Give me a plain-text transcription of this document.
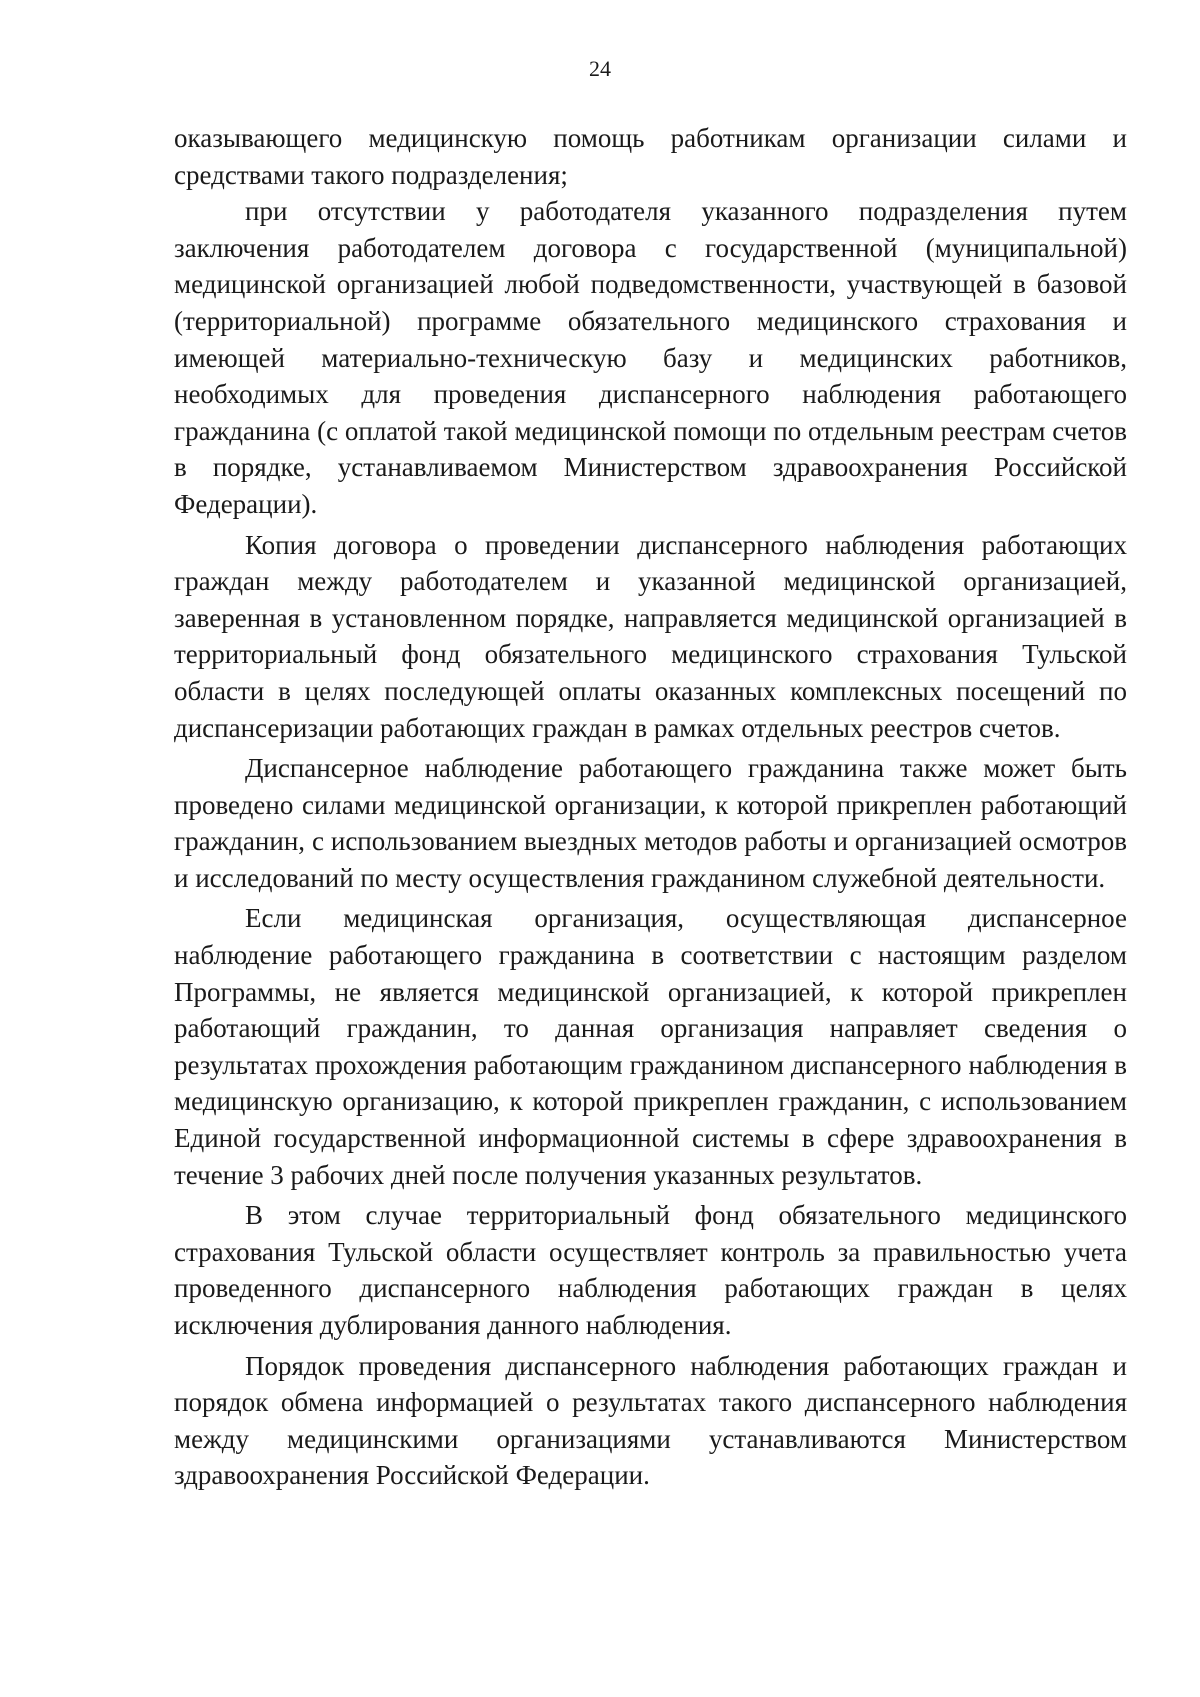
24

оказывающего медицинскую помощь работникам организации силами и средствами такого подразделения;

при отсутствии у работодателя указанного подразделения путем заключения работодателем договора с государственной (муниципальной) медицинской организацией любой подведомственности, участвующей в базовой (территориальной) программе обязательного медицинского страхования и имеющей материально-техническую базу и медицинских работников, необходимых для проведения диспансерного наблюдения работающего гражданина (с оплатой такой медицинской помощи по отдельным реестрам счетов в порядке, устанавливаемом Министерством здравоохранения Российской Федерации).

Копия договора о проведении диспансерного наблюдения работающих граждан между работодателем и указанной медицинской организацией, заверенная в установленном порядке, направляется медицинской организацией в территориальный фонд обязательного медицинского страхования Тульской области в целях последующей оплаты оказанных комплексных посещений по диспансеризации работающих граждан в рамках отдельных реестров счетов.

Диспансерное наблюдение работающего гражданина также может быть проведено силами медицинской организации, к которой прикреплен работающий гражданин, с использованием выездных методов работы и организацией осмотров и исследований по месту осуществления гражданином служебной деятельности.

Если медицинская организация, осуществляющая диспансерное наблюдение работающего гражданина в соответствии с настоящим разделом Программы, не является медицинской организацией, к которой прикреплен работающий гражданин, то данная организация направляет сведения о результатах прохождения работающим гражданином диспансерного наблюдения в медицинскую организацию, к которой прикреплен гражданин, с использованием Единой государственной информационной системы в сфере здравоохранения в течение 3 рабочих дней после получения указанных результатов.

В этом случае территориальный фонд обязательного медицинского страхования Тульской области осуществляет контроль за правильностью учета проведенного диспансерного наблюдения работающих граждан в целях исключения дублирования данного наблюдения.

Порядок проведения диспансерного наблюдения работающих граждан и порядок обмена информацией о результатах такого диспансерного наблюдения между медицинскими организациями устанавливаются Министерством здравоохранения Российской Федерации.
